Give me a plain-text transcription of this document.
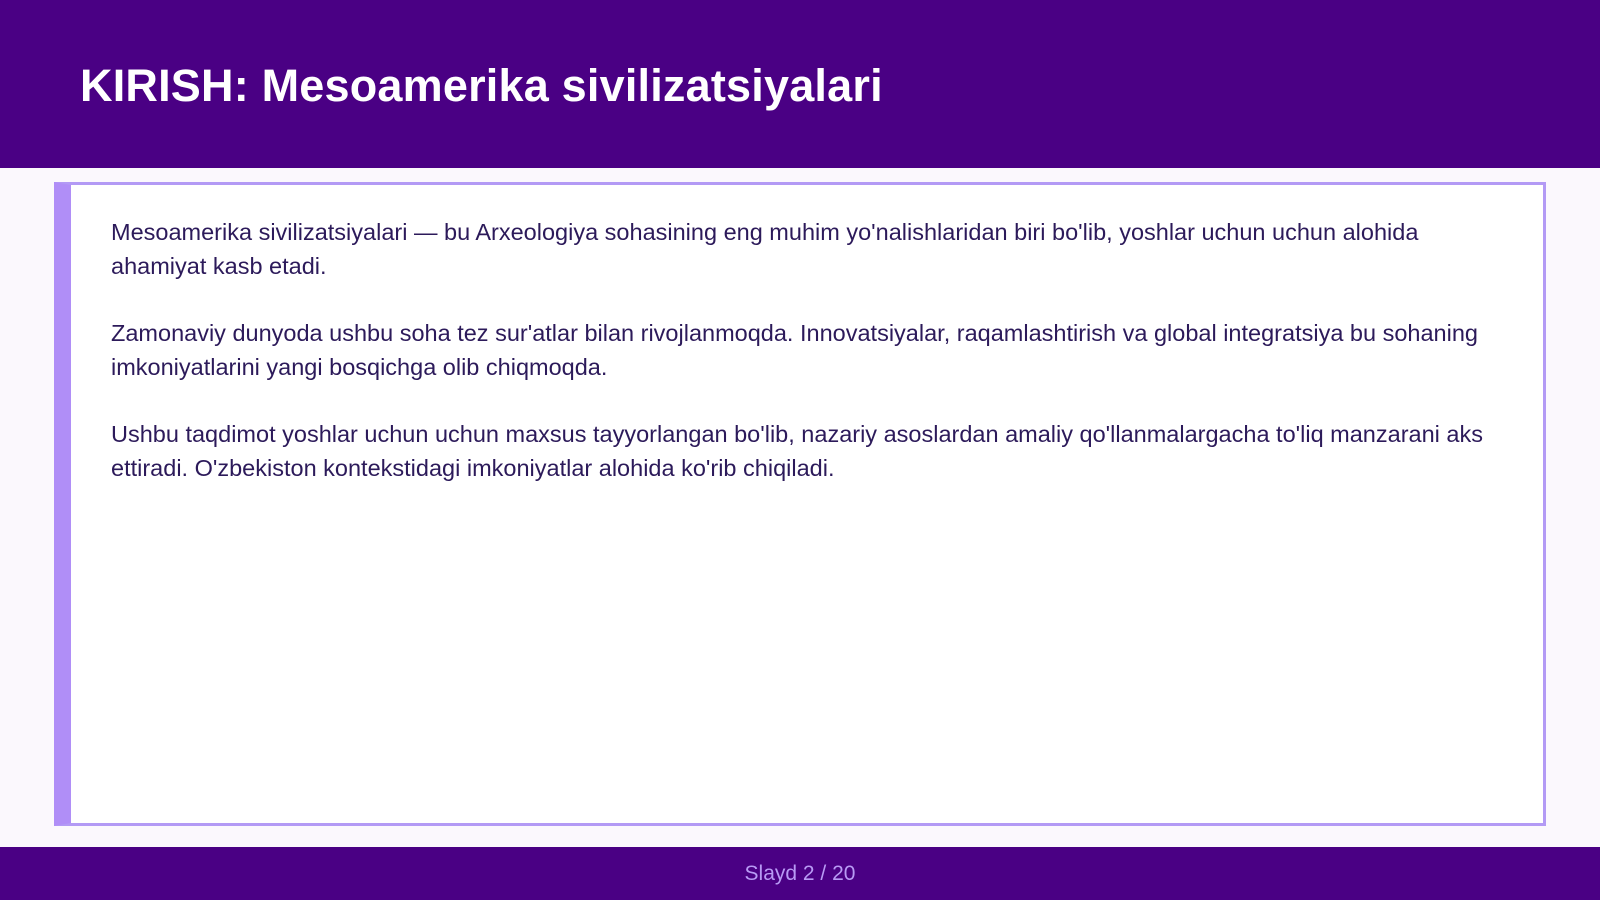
KIRISH: Mesoamerika sivilizatsiyalari

Mesoamerika sivilizatsiyalari — bu Arxeologiya sohasining eng muhim yo'nalishlaridan biri bo'lib, yoshlar uchun uchun alohida ahamiyat kasb etadi.

Zamonaviy dunyoda ushbu soha tez sur'atlar bilan rivojlanmoqda. Innovatsiyalar, raqamlashtirish va global integratsiya bu sohaning imkoniyatlarini yangi bosqichga olib chiqmoqda.

Ushbu taqdimot yoshlar uchun uchun maxsus tayyorlangan bo'lib, nazariy asoslardan amaliy qo'llanmalargacha to'liq manzarani aks ettiradi. O'zbekiston kontekstidagi imkoniyatlar alohida ko'rib chiqiladi.

Slayd 2 / 20
